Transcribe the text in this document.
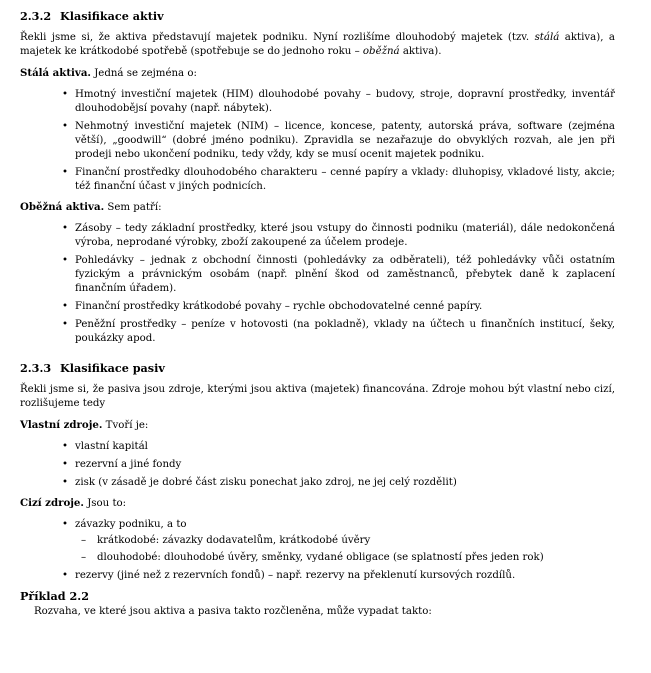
2.3.2 Klasifikace aktiv

Řekli jsme si, že aktiva představují majetek podniku. Nyní rozlišíme dlouhodobý majetek (tzv. stálá aktiva), a majetek ke krátkodobé spotřebě (spotřebuje se do jednoho roku – oběžná aktiva).

Stálá aktiva. Jedná se zejména o:

• Hmotný investiční majetek (HIM) dlouhodobé povahy – budovy, stroje, dopravní prostředky, inventář dlouhodobějsí povahy (např. nábytek).
• Nehmotný investiční majetek (NIM) – licence, koncese, patenty, autorská práva, software (zejména větší), „goodwill“ (dobré jméno podniku). Zpravidla se nezařazuje do obvyklých rozvah, ale jen při prodeji nebo ukončení podniku, tedy vždy, kdy se musí ocenit majetek podniku.
• Finanční prostředky dlouhodobého charakteru – cenné papíry a vklady: dluhopisy, vkladové listy, akcie; též finanční účast v jiných podnicích.

Oběžná aktiva. Sem patří:

• Zásoby – tedy základní prostředky, které jsou vstupy do činnosti podniku (materiál), dále nedokončená výroba, neprodané výrobky, zboží zakoupené za účelem prodeje.
• Pohledávky – jednak z obchodní činnosti (pohledávky za odběrateli), též pohledávky vůči ostatním fyzickým a právnickým osobám (např. plnění škod od zaměstnanců, přebytek daně k zaplacení finančním úřadem).
• Finanční prostředky krátkodobé povahy – rychle obchodovatelné cenné papíry.
• Peněžní prostředky – peníze v hotovosti (na pokladně), vklady na účtech u finančních institucí, šeky, poukázky apod.
2.3.3 Klasifikace pasiv

Řekli jsme si, že pasiva jsou zdroje, kterými jsou aktiva (majetek) financována. Zdroje mohou být vlastní nebo cizí, rozlišujeme tedy

Vlastní zdroje. Tvoří je:

• vlastní kapitál
• rezervní a jiné fondy
• zisk (v zásadě je dobré část zisku ponechat jako zdroj, ne jej celý rozdělit)

Cizí zdroje. Jsou to:

• závazky podniku, a to
– krátkodobé: závazky dodavatelům, krátkodobé úvěry
– dlouhodobé: dlouhodobé úvěry, směnky, vydané obligace (se splatností přes jeden rok)
• rezervy (jiné než z rezervních fondů) – např. rezervy na překlenutí kursových rozdílů.
Příklad 2.2

Rozvaha, ve které jsou aktiva a pasiva takto rozčleněna, může vypadat takto:
